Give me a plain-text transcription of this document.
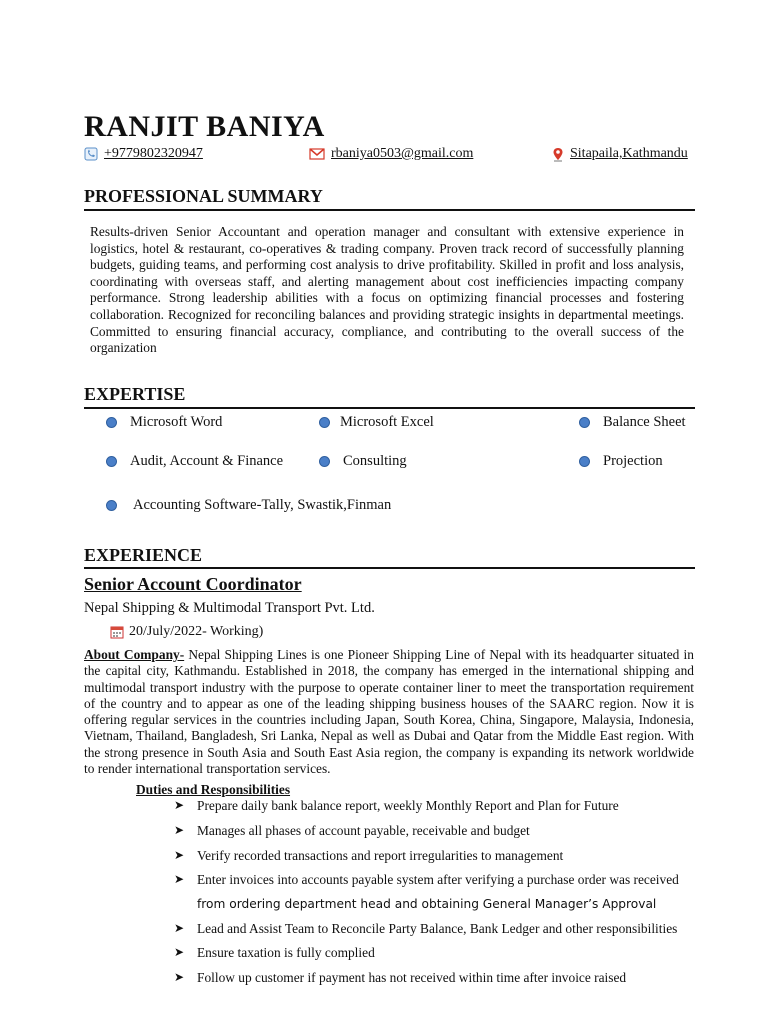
RANJIT BANIYA
+9779802320947	rbaniya0503@gmail.com	Sitapaila,Kathmandu
PROFESSIONAL SUMMARY
Results-driven Senior Accountant and operation manager and consultant with extensive experience in logistics, hotel & restaurant, co-operatives & trading company. Proven track record of successfully planning budgets, guiding teams, and performing cost analysis to drive profitability. Skilled in profit and loss analysis, coordinating with overseas staff, and alerting management about cost inefficiencies impacting company performance. Strong leadership abilities with a focus on optimizing financial processes and fostering collaboration. Recognized for reconciling balances and providing strategic insights in departmental meetings. Committed to ensuring financial accuracy, compliance, and contributing to the overall success of the organization
EXPERTISE
Microsoft Word	Microsoft Excel	Balance Sheet
Audit, Account & Finance	Consulting	Projection
Accounting Software-Tally, Swastik,Finman
EXPERIENCE
Senior Account Coordinator
Nepal Shipping & Multimodal Transport Pvt. Ltd.
20/July/2022- Working)
About Company- Nepal Shipping Lines is one Pioneer Shipping Line of Nepal with its headquarter situated in the capital city, Kathmandu. Established in 2018, the company has emerged in the international shipping and multimodal transport industry with the purpose to operate container liner to meet the transportation requirement of the country and to appear as one of the leading shipping business houses of the SAARC region. Now it is offering regular services in the countries including Japan, South Korea, China, Singapore, Malaysia, Indonesia, Vietnam, Thailand, Bangladesh, Sri Lanka, Nepal as well as Dubai and Qatar from the Middle East region. With the strong presence in South Asia and South East Asia region, the company is expanding its network worldwide to render international transportation services.
Duties and Responsibilities
➤ Prepare daily bank balance report, weekly Monthly Report and Plan for Future
➤ Manages all phases of account payable, receivable and budget
➤ Verify recorded transactions and report irregularities to management
➤ Enter invoices into accounts payable system after verifying a purchase order was received
from ordering department head and obtaining General Manager’s Approval
➤ Lead and Assist Team to Reconcile Party Balance, Bank Ledger and other responsibilities
➤ Ensure taxation is fully complied
➤ Follow up customer if payment has not received within time after invoice raised
